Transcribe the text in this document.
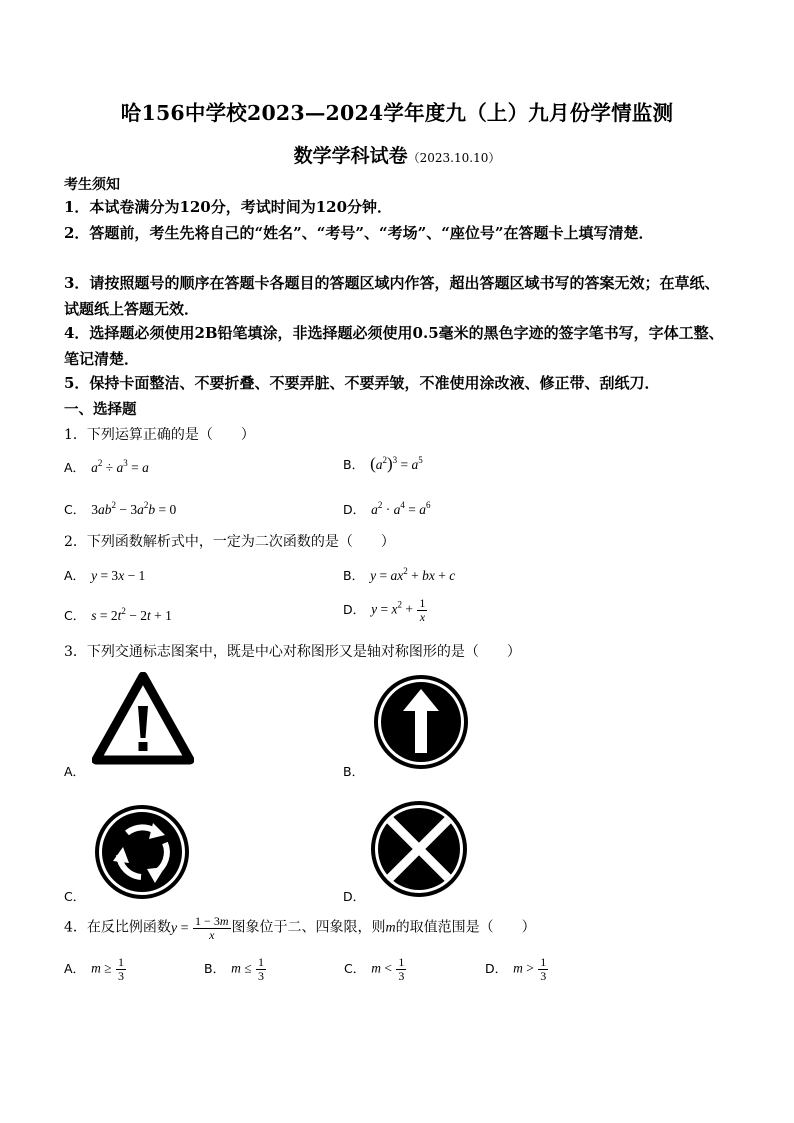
哈156中学校2023—2024学年度九（上）九月份学情监测
数学学科试卷（2023.10.10）
考生须知
1．本试卷满分为120分，考试时间为120分钟．
2．答题前，考生先将自己的“姓名”、“考号”、“考场”、“座位号”在答题卡上填写清楚．
3．请按照题号的顺序在答题卡各题目的答题区域内作答，超出答题区域书写的答案无效；在草纸、试题纸上答题无效．
4．选择题必须使用2B铅笔填涂，非选择题必须使用0.5毫米的黑色字迹的签字笔书写，字体工整、笔记清楚．
5．保持卡面整洁、不要折叠、不要弄脏、不要弄皱，不准使用涂改液、修正带、刮纸刀．
一、选择题
1．下列运算正确的是（　　）
A． $a^2 \div a^3 = a$	B． $(a^2)^3 = a^5$
C． $3ab^2 - 3a^2b = 0$	D． $a^2 \cdot a^4 = a^6$
2．下列函数解析式中，一定为二次函数的是（　　）
A． y = 3x − 1	B． $y = ax^2$ + bx + c
C． $s = 2t^2 - 2t + 1$	D． $y = x^2 + \frac{1}{x}$
3．下列交通标志图案中，既是中心对称图形又是轴对称图形的是（　　）
A．	B．
C．	D．
4．在反比例函数$y = \frac{1 - 3m}{x}$ 图象位于二、四象限，则m的取值范围是（　　）
A． $m \ge \frac{1}{3}$	B． $m \le \frac{1}{3}$	C． $m < \frac{1}{3}$	D． $m > \frac{1}{3}$
